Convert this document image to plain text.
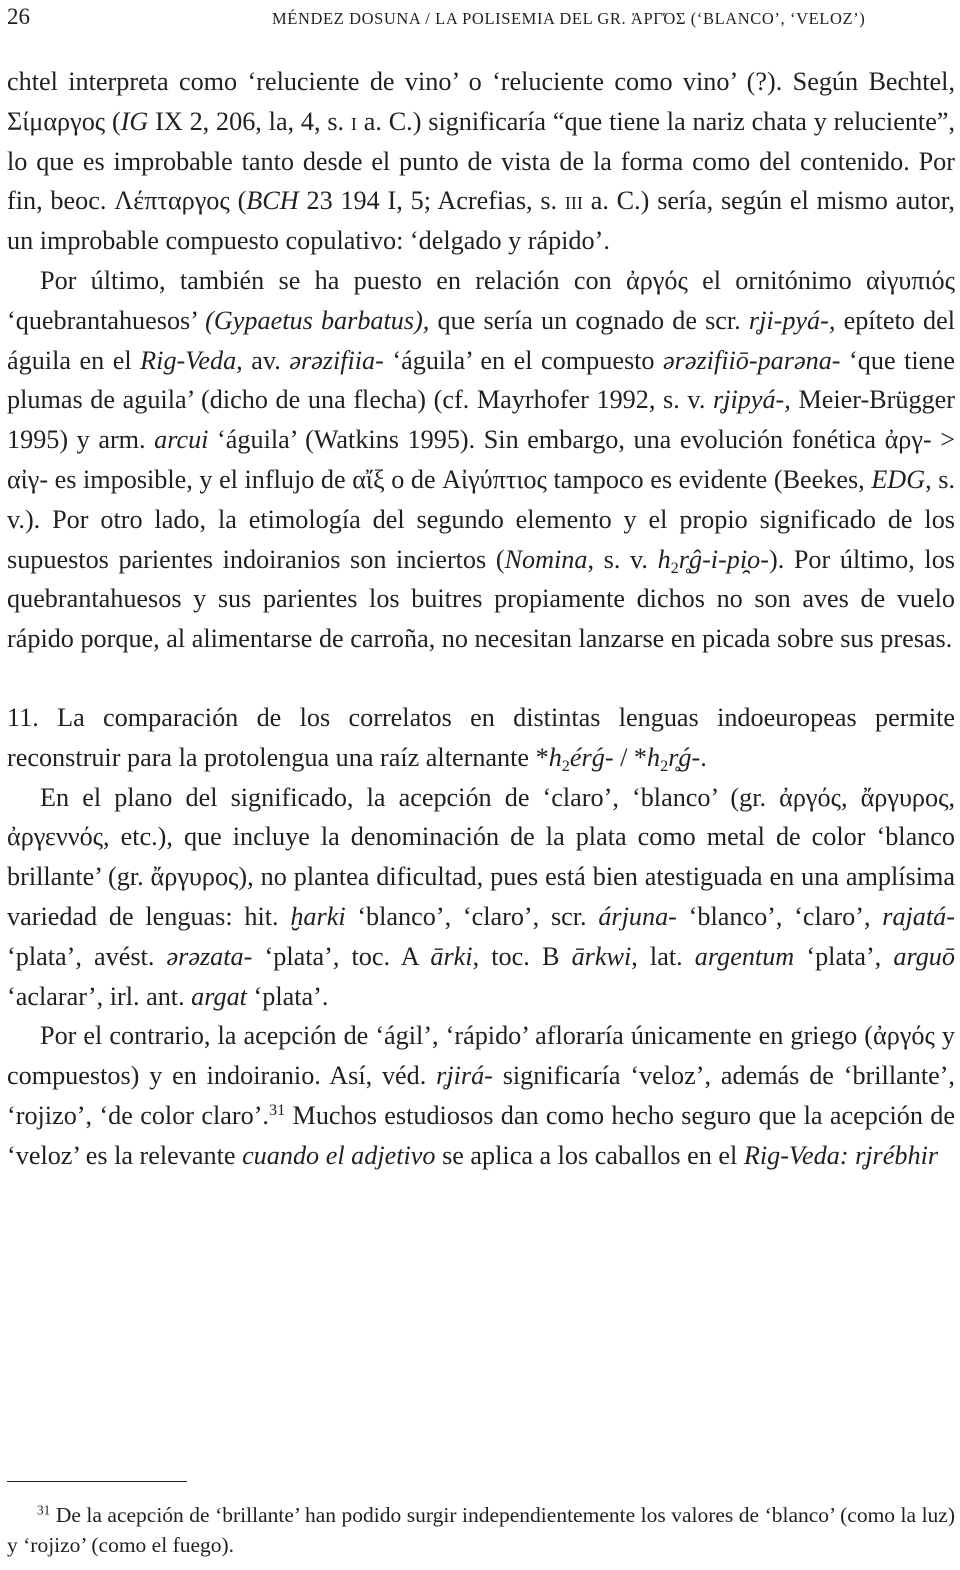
26	MÉNDEZ DOSUNA / LA POLISEMIA DEL GR. ἈΡΓΌΣ (‘BLANCO’, ‘VELOZ’)

chtel interpreta como ‘reluciente de vino’ o ‘reluciente como vino’ (?). Según Bechtel, Σίμαργος (IG IX 2, 206, la, 4, s. i a. C.) significaría “que tiene la nariz chata y reluciente”, lo que es improbable tanto desde el punto de vista de la forma como del contenido. Por fin, beoc. Λέπταργος (BCH 23 194 I, 5; Acrefias, s. iii a. C.) sería, según el mismo autor, un improbable compuesto copulativo: ‘delgado y rápido’.

Por último, también se ha puesto en relación con ἀργός el ornitónimo αἰγυπιός ‘quebrantahuesos’ (Gypaetus barbatus), que sería un cognado de scr. r̥ji-pyá-, epíteto del águila en el Rig-Veda, av. ərəzifiia- ‘águila’ en el compuesto ərəzifiiō-parəna- ‘que tiene plumas de aguila’ (dicho de una flecha) (cf. Mayrhofer 1992, s. v. r̥jipyá-, Meier-Brügger 1995) y arm. arcui ‘águila’ (Watkins 1995). Sin embargo, una evolución fonética ἀργ- > αἰγ- es imposible, y el influjo de αἴξ o de Αἰγύπτιος tampoco es evidente (Beekes, EDG, s. v.). Por otro lado, la etimología del segundo elemento y el propio significado de los supuestos parientes indoiranios son inciertos (Nomina, s. v. $h_2r̥ĝ-i-pi̯o-$). Por último, los quebrantahuesos y sus parientes los buitres propiamente dichos no son aves de vuelo rápido porque, al alimentarse de carroña, no necesitan lanzarse en picada sobre sus presas.

11. La comparación de los correlatos en distintas lenguas indoeuropeas permite reconstruir para la protolengua una raíz alternante $*h_2érǵ-$ / $*h_2r̥ǵ-$.

En el plano del significado, la acepción de ‘claro’, ‘blanco’ (gr. ἀργός, ἄργυρος, ἀργεννός, etc.), que incluye la denominación de la plata como metal de color ‘blanco brillante’ (gr. ἄργυρος), no plantea dificultad, pues está bien atestiguada en una amplísima variedad de lenguas: hit. ḫarki ‘blanco’, ‘claro’, scr. árjuna- ‘blanco’, ‘claro’, rajatá- ‘plata’, avést. ərəzata- ‘plata’, toc. A ārki, toc. B ārkwi, lat. argentum ‘plata’, arguō ‘aclarar’, irl. ant. argat ‘plata’.

Por el contrario, la acepción de ‘ágil’, ‘rápido’ afloraría únicamente en griego (ἀργός y compuestos) y en indoiranio. Así, véd. r̥jirá- significaría ‘veloz’, además de ‘brillante’, ‘rojizo’, ‘de color claro’.$^{31}$ Muchos estudiosos dan como hecho seguro que la acepción de ‘veloz’ es la relevante cuando el adjetivo se aplica a los caballos en el Rig-Veda: r̥jrébhir

$^{31}$ De la acepción de ‘brillante’ han podido surgir independientemente los valores de ‘blanco’ (como la luz) y ‘rojizo’ (como el fuego).
